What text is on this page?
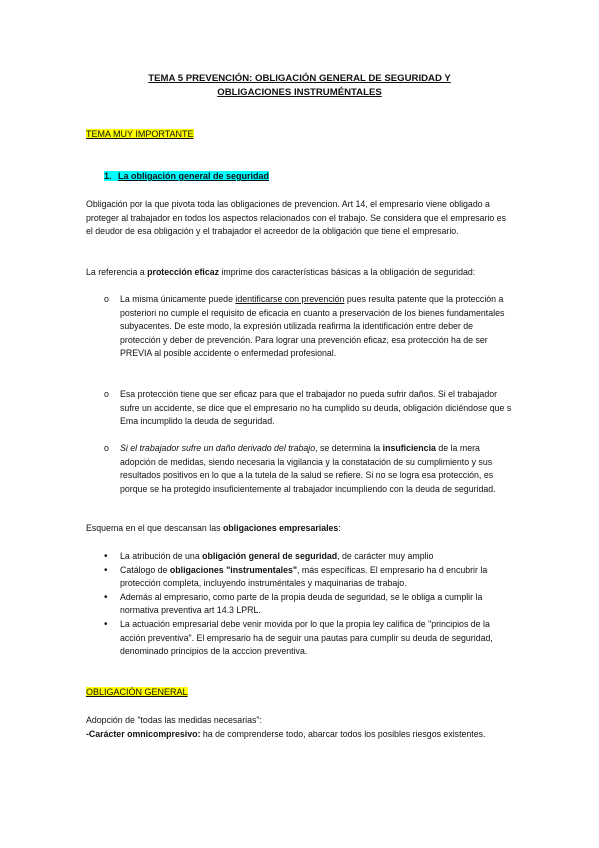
TEMA 5 PREVENCIÓN: OBLIGACIÓN GENERAL DE SEGURIDAD Y
OBLIGACIONES INSTRUMÉNTALES
TEMA MUY IMPORTANTE
1. La obligación general de seguridad

Obligación por la que pivota toda las obligaciones de prevencion. Art 14, el empresario viene obligado a proteger al trabajador en todos los aspectos relacionados con el trabajo. Se considera que el empresario es el deudor de esa obligación y el trabajador el acreedor de la obligación que tiene el empresario.

La referencia a protección eficaz imprime dos características básicas a la obligación de seguridad:

o La misma únicamente puede identificarse con prevención pues resulta patente que la protección a posteriori no cumple el requisito de eficacia en cuanto a preservación de los bienes fundamentales subyacentes. De este modo, la expresión utilizada reafirma la identificación entre deber de protección y deber de prevención. Para lograr una prevención eficaz, esa protección ha de ser PREVIA al posible accidente o enfermedad profesional.
o Esa protección tiene que ser eficaz para que el trabajador no pueda sufrir daños. Si el trabajador sufre un accidente, se dice que el empresario no ha cumplido su deuda, obligación diciéndose que s Ema incumplido la deuda de seguridad.
o Si el trabajador sufre un daño derivado del trabajo, se determina la insuficiencia de la mera adopción de medidas, siendo necesaria la vigilancia y la constatación de su cumplimiento y sus resultados positivos en lo que a la tutela de la salud se refiere. Si no se logra esa protección, es porque se ha protegido insuficientemente al trabajador incumpliendo con la deuda de seguridad.

Esquema en el que descansan las obligaciones empresariales:

• La atribución de una obligación general de seguridad, de carácter muy amplio
• Catálogo de obligaciones "instrumentales", más específicas. El empresario ha d encubrir la protección completa, incluyendo instruméntales y maquinarias de trabajo.
• Además al empresario, como parte de la propia deuda de seguridad, se le obliga a cumplir la normativa preventiva art 14.3 LPRL.
• La actuación empresarial debe venir movida por lo que la propia ley califica de "principios de la acción preventiva". El empresario ha de seguir una pautas para cumplir su deuda de seguridad, denominado principios de la acccion preventiva.
OBLIGACIÓN GENERAL

Adopción de "todas las medidas necesarias":

-Carácter omnicompresivo: ha de comprenderse todo, abarcar todos los posibles riesgos existentes.
